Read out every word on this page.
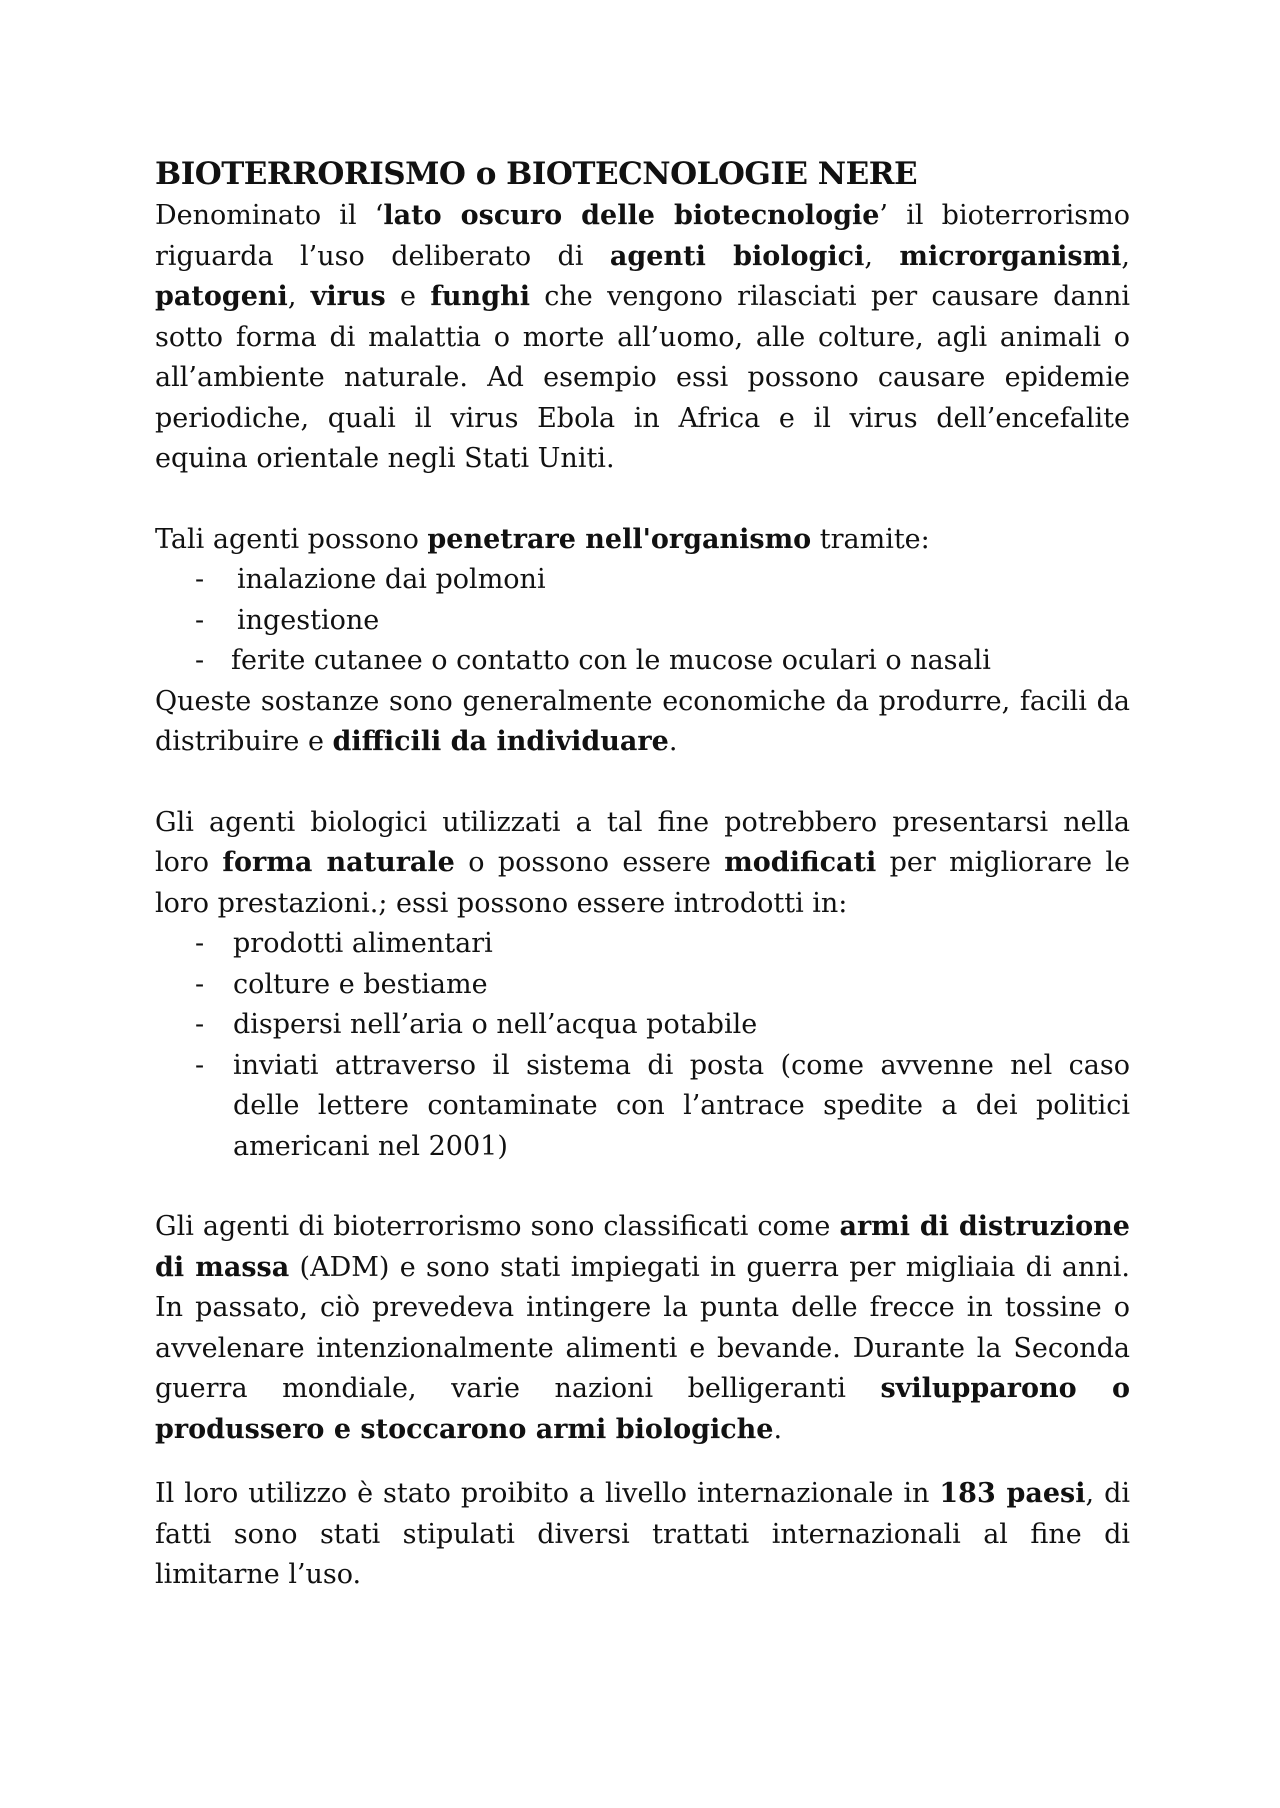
BIOTERRORISMO o BIOTECNOLOGIE NERE

Denominato il ‘lato oscuro delle biotecnologie’ il bioterrorismo riguarda l’uso deliberato di agenti biologici, microrganismi, patogeni, virus e funghi che vengono rilasciati per causare danni sotto forma di malattia o morte all’uomo, alle colture, agli animali o all’ambiente naturale. Ad esempio essi possono causare epidemie periodiche, quali il virus Ebola in Africa e il virus dell’encefalite equina orientale negli Stati Uniti.

Tali agenti possono penetrare nell'organismo tramite:

- inalazione dai polmoni
- ingestione
- ferite cutanee o contatto con le mucose oculari o nasali

Queste sostanze sono generalmente economiche da produrre, facili da distribuire e difficili da individuare.

Gli agenti biologici utilizzati a tal fine potrebbero presentarsi nella loro forma naturale o possono essere modificati per migliorare le loro prestazioni.; essi possono essere introdotti in:

- prodotti alimentari
- colture e bestiame
- dispersi nell’aria o nell’acqua potabile
- inviati attraverso il sistema di posta (come avvenne nel caso delle lettere contaminate con l’antrace spedite a dei politici americani nel 2001)

Gli agenti di bioterrorismo sono classificati come armi di distruzione di massa (ADM) e sono stati impiegati in guerra per migliaia di anni. In passato, ciò prevedeva intingere la punta delle frecce in tossine o avvelenare intenzionalmente alimenti e bevande. Durante la Seconda guerra mondiale, varie nazioni belligeranti svilupparono o produssero e stoccarono armi biologiche.

Il loro utilizzo è stato proibito a livello internazionale in 183 paesi, di fatti sono stati stipulati diversi trattati internazionali al fine di limitarne l’uso.
